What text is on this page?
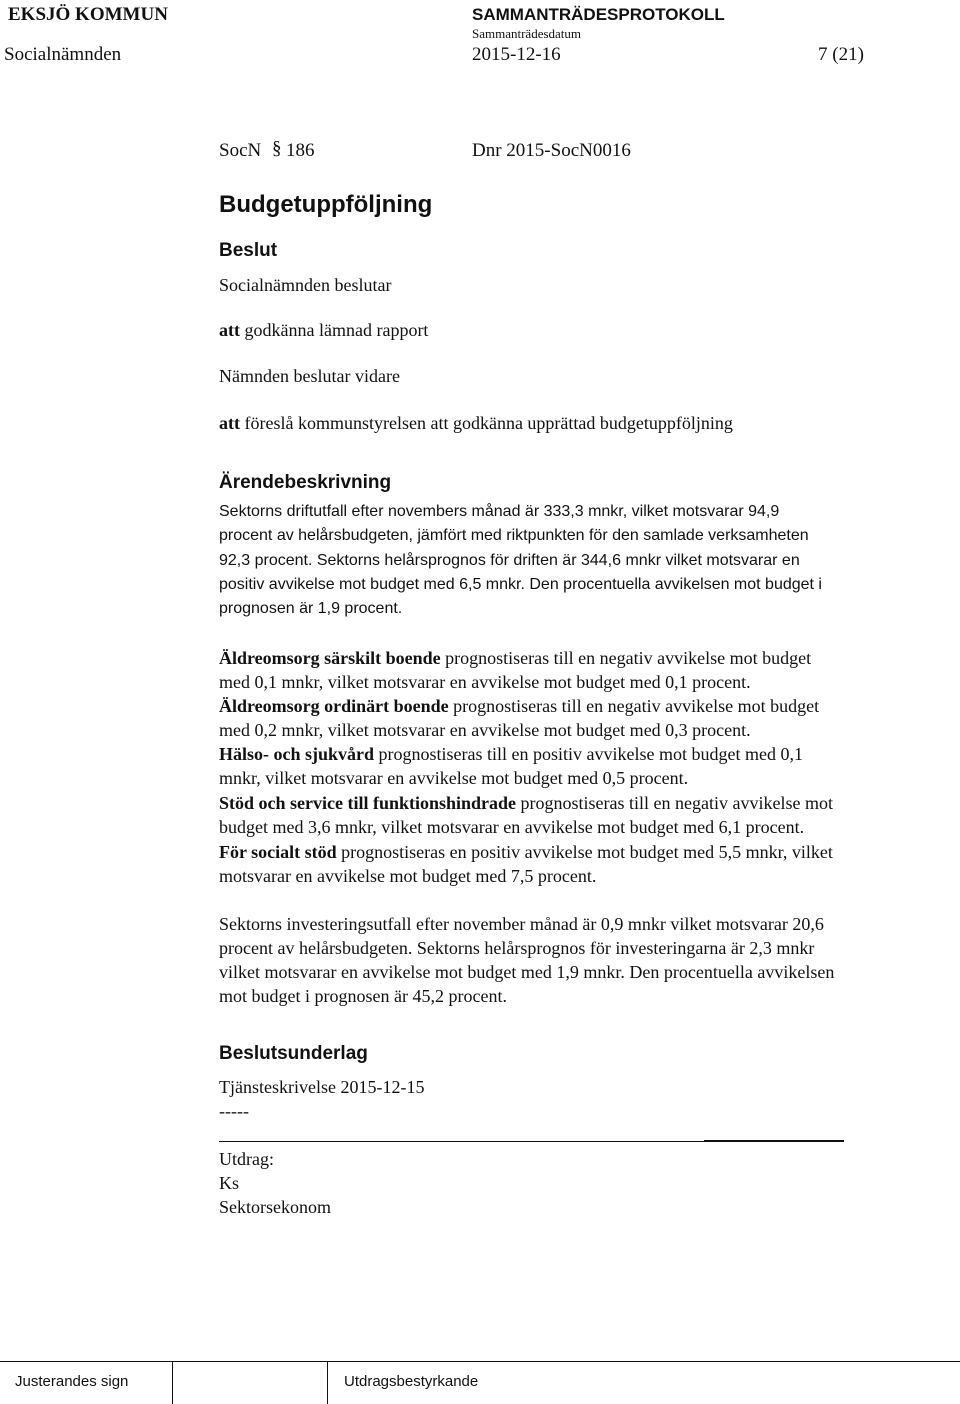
EKSJÖ KOMMUN
Socialnämnden
SAMMANTRÄDESPROTOKOLL
Sammanträdesdatum
2015-12-16	7 (21)
SocN § 186	Dnr 2015-SocN0016
Budgetuppföljning
Beslut
Socialnämnden beslutar
att godkänna lämnad rapport
Nämnden beslutar vidare
att föreslå kommunstyrelsen att godkänna upprättad budgetuppföljning
Ärendebeskrivning
Sektorns driftutfall efter novembers månad är 333,3 mnkr, vilket motsvarar 94,9
procent av helårsbudgeten, jämfört med riktpunkten för den samlade verksamheten
92,3 procent. Sektorns helårsprognos för driften är 344,6 mnkr vilket motsvarar en
positiv avvikelse mot budget med 6,5 mnkr. Den procentuella avvikelsen mot budget i
prognosen är 1,9 procent.
Äldreomsorg särskilt boende prognostiseras till en negativ avvikelse mot budget
med 0,1 mnkr, vilket motsvarar en avvikelse mot budget med 0,1 procent.
Äldreomsorg ordinärt boende prognostiseras till en negativ avvikelse mot budget
med 0,2 mnkr, vilket motsvarar en avvikelse mot budget med 0,3 procent.
Hälso- och sjukvård prognostiseras till en positiv avvikelse mot budget med 0,1
mnkr, vilket motsvarar en avvikelse mot budget med 0,5 procent.
Stöd och service till funktionshindrade prognostiseras till en negativ avvikelse mot
budget med 3,6 mnkr, vilket motsvarar en avvikelse mot budget med 6,1 procent.
För socialt stöd prognostiseras en positiv avvikelse mot budget med 5,5 mnkr, vilket
motsvarar en avvikelse mot budget med 7,5 procent.
Sektorns investeringsutfall efter november månad är 0,9 mnkr vilket motsvarar 20,6
procent av helårsbudgeten. Sektorns helårsprognos för investeringarna är 2,3 mnkr
vilket motsvarar en avvikelse mot budget med 1,9 mnkr. Den procentuella avvikelsen
mot budget i prognosen är 45,2 procent.
Beslutsunderlag
Tjänsteskrivelse 2015-12-15
-----
Utdrag:
Ks
Sektorsekonom
Justerandes sign	Utdragsbestyrkande
